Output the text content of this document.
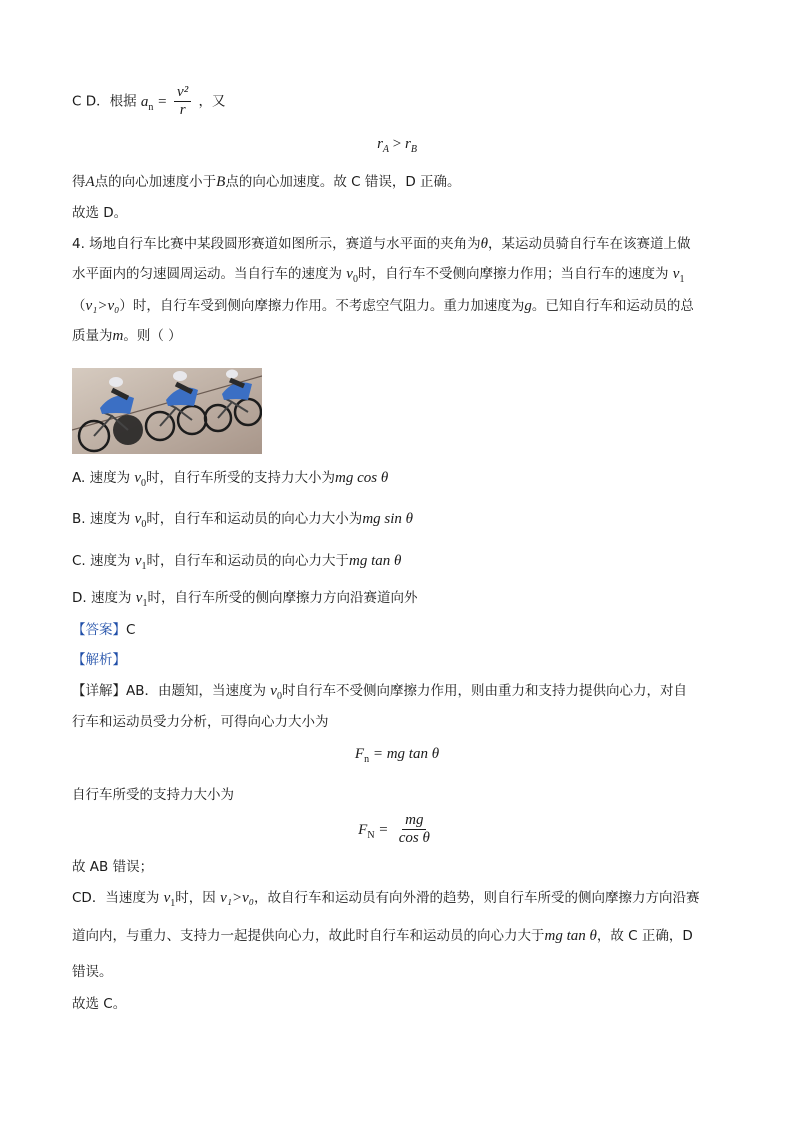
C D．根据 $a_n = \frac{\text{v²}}{r}$ ，又
$r_A > r_B$
得A点的向心加速度小于B点的向心加速度。故 C 错误，D 正确。
故选 D。
4. 场地自行车比赛中某段圆形赛道如图所示，赛道与水平面的夹角为θ，某运动员骑自行车在该赛道上做
水平面内的匀速圆周运动。当自行车的速度为 $v_0$时，自行车不受侧向摩擦力作用；当自行车的速度为 $v_1$
（v₁>v₀）时，自行车受到侧向摩擦力作用。不考虑空气阻力。重力加速度为g。已知自行车和运动员的总
质量为m。则（ ）
A. 速度为 $v_0$时，自行车所受的支持力大小为mg cos θ
B. 速度为 $v_0$时，自行车和运动员的向心力大小为mg sin θ
C. 速度为 $v_1$时，自行车和运动员的向心力大于mg tan θ
D. 速度为 $v_1$时，自行车所受的侧向摩擦力方向沿赛道向外
【答案】C
【解析】
【详解】AB．由题知，当速度为 $v_0$时自行车不受侧向摩擦力作用，则由重力和支持力提供向心力，对自
行车和运动员受力分析，可得向心力大小为
$F_n$ = mg tan θ
自行车所受的支持力大小为
$F_N = \frac{mg}{\text{cos θ}}$
故 AB 错误；
CD．当速度为 $v_1$时，因 v₁>v₀，故自行车和运动员有向外滑的趋势，则自行车所受的侧向摩擦力方向沿赛
道向内，与重力、支持力一起提供向心力，故此时自行车和运动员的向心力大于mg tan θ，故 C 正确，D
错误。
故选 C。
